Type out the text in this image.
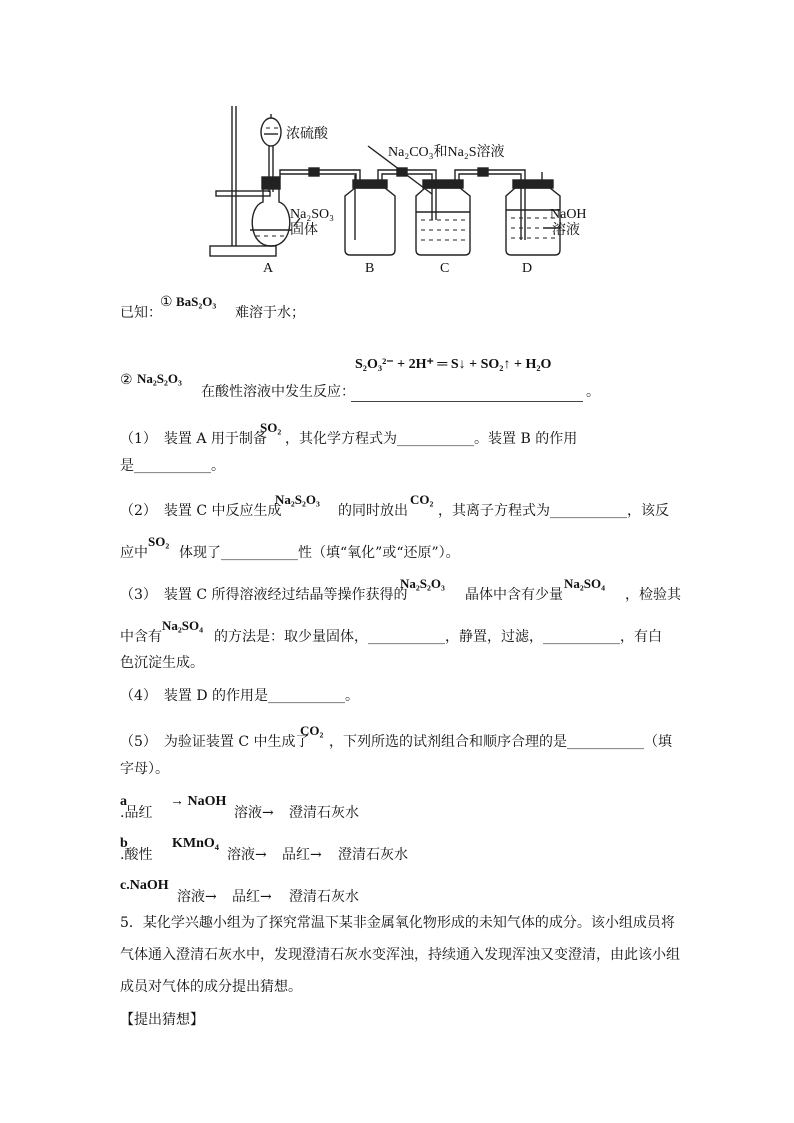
浓硫酸
Na₂CO₃和Na₂S溶液
Na₂SO₃
固体
NaOH
溶液
A	B	C	D
已知：
① BaS₂O₃
难溶于水；
S₂O₃²⁻ + 2H⁺ ═ S↓ + SO₂↑ + H₂O
② Na₂S₂O₃
在酸性溶液中发生反应：	。
（1）　装置 A 用于制备
SO₂
，其化学方程式为___________。装置 B 的作用
是___________。
（2）　装置 C 中反应生成
Na₂S₂O₃
的同时放出
CO₂
，其离子方程式为___________，该反
应中
SO₂
体现了___________性（填“氧化”或“还原”）。
（3）　装置 C 所得溶液经过结晶等操作获得的
Na₂S₂O₃
晶体中含有少量
Na₂SO₄
，检验其
中含有
Na₂SO₄
的方法是：取少量固体，___________，静置，过滤，___________，有白
色沉淀生成。
（4）　装置 D 的作用是___________。
（5）　为验证装置 C 中生成了
CO₂
，下列所选的试剂组合和顺序合理的是___________（填
字母）。
a
.品红
→ NaOH
溶液→ 澄清石灰水
b
.酸性
KMnO₄
溶液→ 品红→ 澄清石灰水
c.NaOH
溶液→ 品红→ 澄清石灰水
5．某化学兴趣小组为了探究常温下某非金属氧化物形成的未知气体的成分。该小组成员将
气体通入澄清石灰水中，发现澄清石灰水变浑浊，持续通入发现浑浊又变澄清，由此该小组
成员对气体的成分提出猜想。
【提出猜想】
